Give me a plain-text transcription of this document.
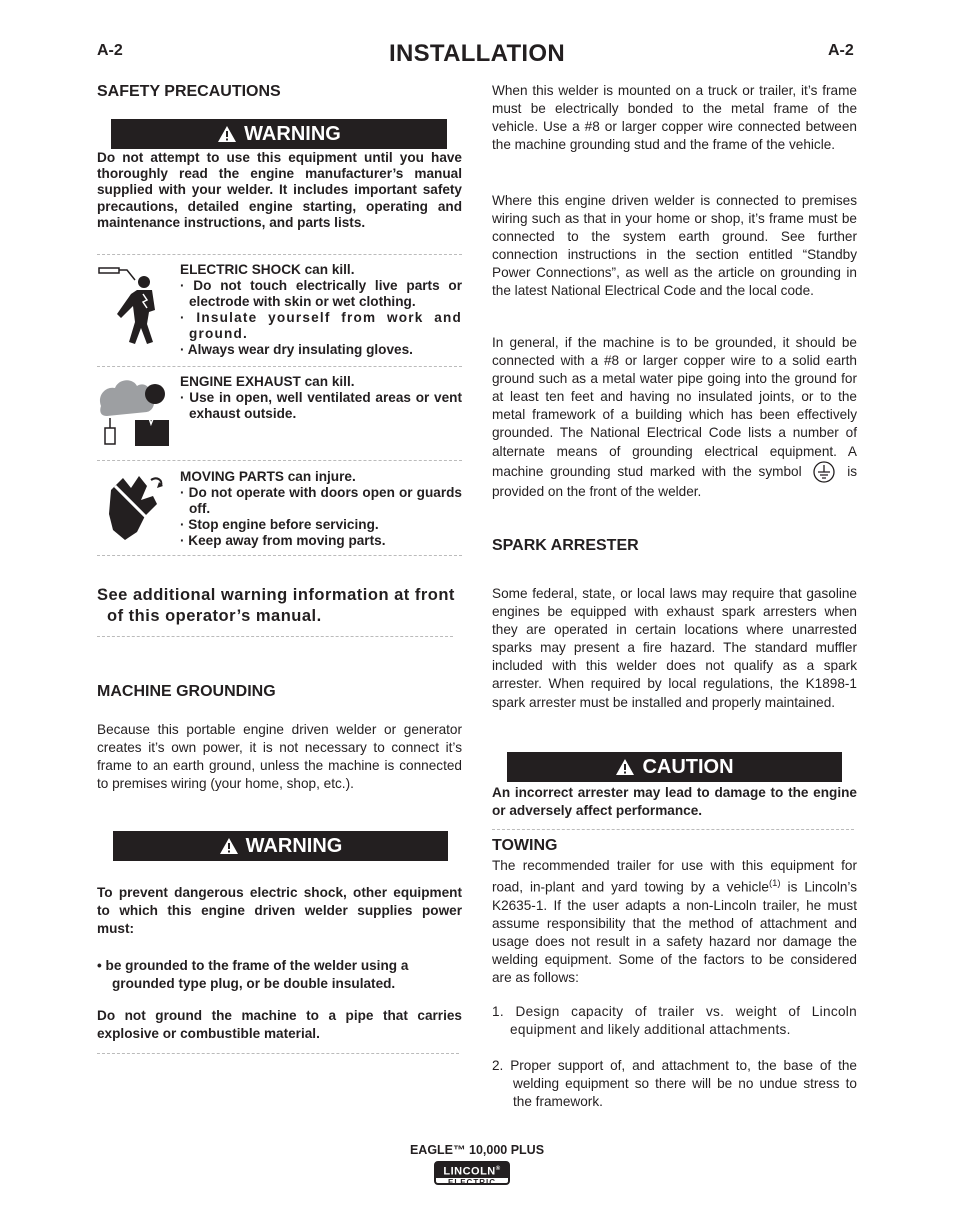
A-2	INSTALLATION	A-2
SAFETY PRECAUTIONS
WARNING
Do not attempt to use this equipment until you have thoroughly read the engine manufacturer’s manual supplied with your welder. It includes important safety precautions, detailed engine starting, operating and maintenance instructions, and parts lists.
ELECTRIC SHOCK can kill.
· Do not touch electrically live parts or electrode with skin or wet clothing.
· Insulate yourself from work and ground.
· Always wear dry insulating gloves.
ENGINE EXHAUST can kill.
· Use in open, well ventilated areas or vent exhaust outside.
MOVING PARTS can injure.
· Do not operate with doors open or guards off.
· Stop engine before servicing.
· Keep away from moving parts.
See additional warning information at front of this operator’s manual.
MACHINE GROUNDING
Because this portable engine driven welder or generator creates it’s own power, it is not necessary to connect it’s frame to an earth ground, unless the machine is connected to premises wiring (your home, shop, etc.).
WARNING
To prevent dangerous electric shock, other equipment to which this engine driven welder supplies power must:
• be grounded to the frame of the welder using a grounded type plug, or be double insulated.
Do not ground the machine to a pipe that carries explosive or combustible material.
When this welder is mounted on a truck or trailer, it’s frame must be electrically bonded to the metal frame of the vehicle. Use a #8 or larger copper wire connected between the machine grounding stud and the frame of the vehicle.
Where this engine driven welder is connected to premises wiring such as that in your home or shop, it’s frame must be connected to the system earth ground. See further connection instructions in the section entitled “Standby Power Connections”, as well as the article on grounding in the latest National Electrical Code and the local code.
In general, if the machine is to be grounded, it should be connected with a #8 or larger copper wire to a solid earth ground such as a metal water pipe going into the ground for at least ten feet and having no insulated joints, or to the metal framework of a building which has been effectively grounded. The National Electrical Code lists a number of alternate means of grounding electrical equipment. A machine grounding stud marked with the symbol	is provided on the front of the welder.
SPARK ARRESTER
Some federal, state, or local laws may require that gasoline engines be equipped with exhaust spark arresters when they are operated in certain locations where unarrested sparks may present a fire hazard. The standard muffler included with this welder does not qualify as a spark arrester. When required by local regulations, the K1898-1 spark arrester must be installed and properly maintained.
CAUTION
An incorrect arrester may lead to damage to the engine or adversely affect performance.
TOWING
The recommended trailer for use with this equipment for road, in-plant and yard towing by a vehicle$^{(1)}$ is Lincoln’s K2635-1. If the user adapts a non-Lincoln trailer, he must assume responsibility that the method of attachment and usage does not result in a safety hazard nor damage the welding equipment. Some of the factors to be considered are as follows:
1. Design capacity of trailer vs. weight of Lincoln equipment and likely additional attachments.
2. Proper support of, and attachment to, the base of the welding equipment so there will be no undue stress to the framework.
EAGLE™ 10,000 PLUS
LINCOLN®
ELECTRIC
